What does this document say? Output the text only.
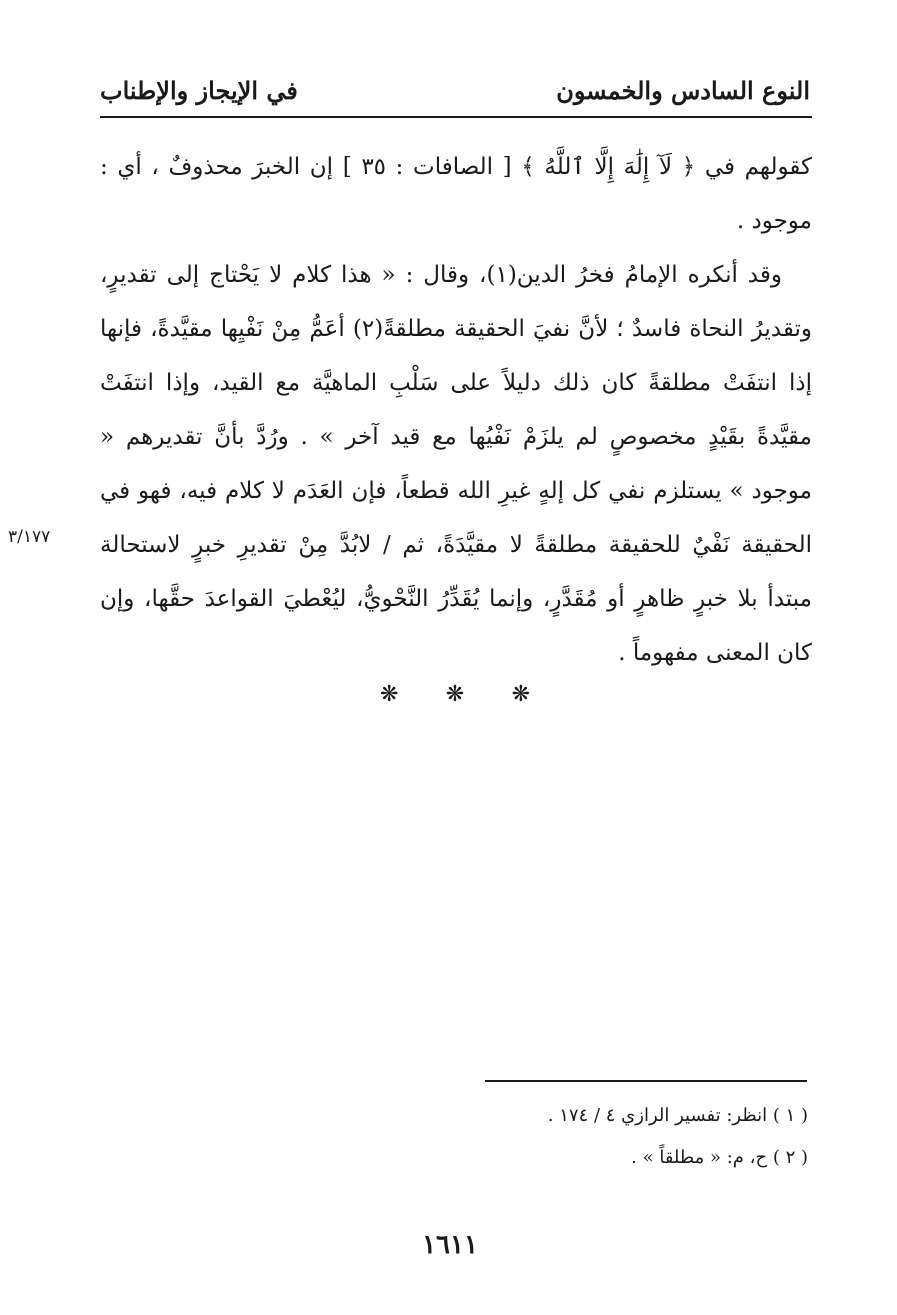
النوع السادس والخمسون
في الإيجاز والإطناب

كقولهم في ﴿ لَآ إِلَٰهَ إِلَّا ٱللَّهُ ﴾ [ الصافات : ٣٥ ] إن الخبرَ محذوفٌ ، أي : موجود .

وقد أنكره الإمامُ فخرُ الدين(١)، وقال : « هذا كلام لا يَحْتاج إلى تقديرٍ، وتقديرُ النحاة فاسدٌ ؛ لأنَّ نفيَ الحقيقة مطلقةً(٢) أعَمُّ مِنْ نَفْيِها مقيَّدةً، فإنها إذا انتفَتْ مطلقةً كان ذلك دليلاً على سَلْبِ الماهيَّة مع القيد، وإذا انتفَتْ مقيَّدةً بقَيْدٍ مخصوصٍ لم يلزَمْ نَفْيُها مع قيد آخر » . ورُدَّ بأنَّ تقديرهم « موجود » يستلزم نفي كل إلهٍ غيرِ الله قطعاً، فإن العَدَم لا كلام فيه، فهو في الحقيقة نَفْيٌ للحقيقة مطلقةً لا مقيَّدَةً، ثم / لابُدَّ مِنْ تقديرِ خبرٍ لاستحالة مبتدأ بلا خبرٍ ظاهرٍ أو مُقَدَّرٍ، وإنما يُقَدِّرُ النَّحْويُّ، ليُعْطيَ القواعدَ حقَّها، وإن كان المعنى مفهوماً .

٣/١٧٧
❋
❋
❋
( ١ ) انظر: تفسير الرازي ٤ / ١٧٤ .
( ٢ ) ح، م: « مطلقاً » .
١٦١١
